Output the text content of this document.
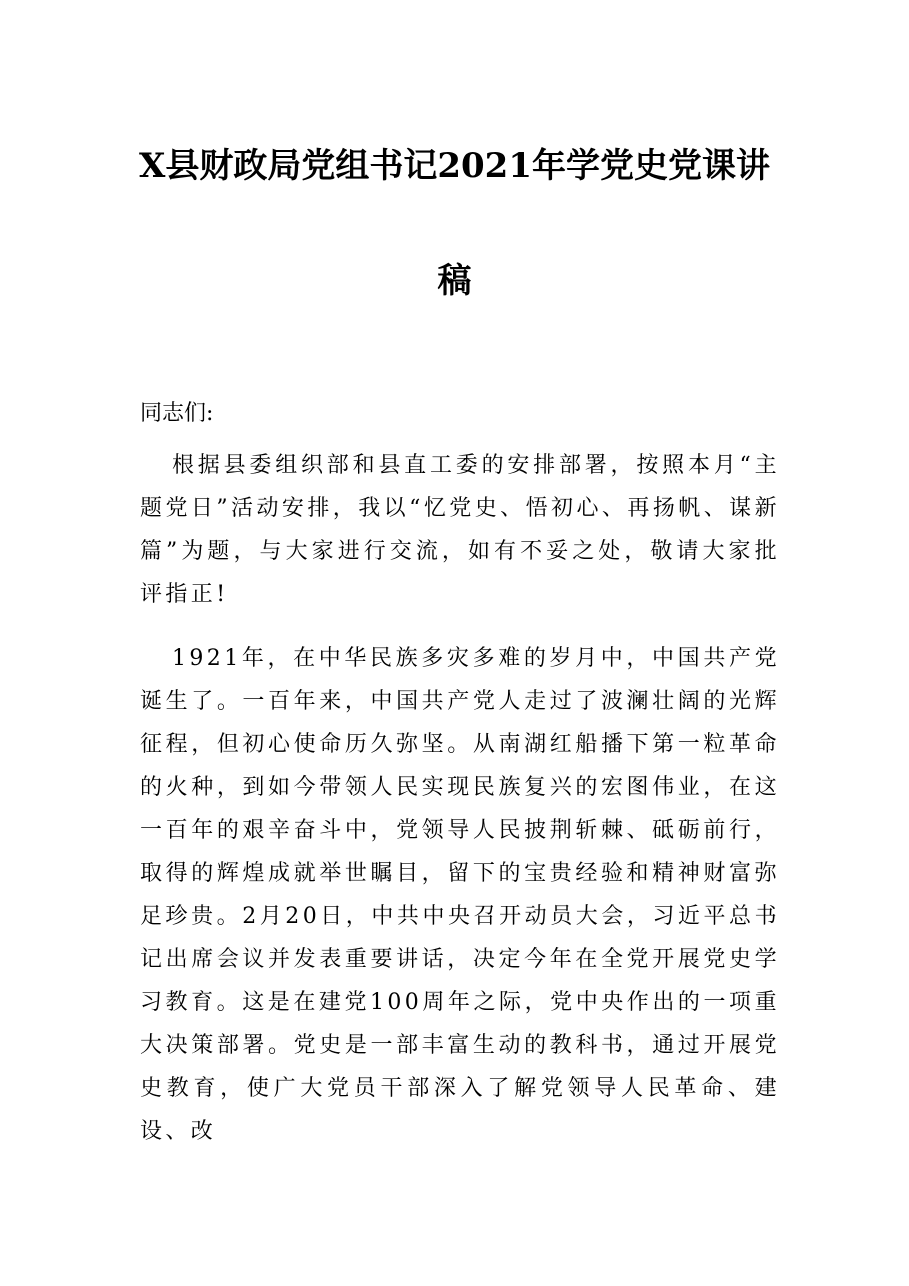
X县财政局党组书记2021年学党史党课讲
稿
同志们:
根据县委组织部和县直工委的安排部署，按照本月“主题党日”活动安排，我以“忆党史、悟初心、再扬帆、谋新篇”为题，与大家进行交流，如有不妥之处，敬请大家批评指正!
1921年，在中华民族多灾多难的岁月中，中国共产党诞生了。一百年来，中国共产党人走过了波澜壮阔的光辉征程，但初心使命历久弥坚。从南湖红船播下第一粒革命的火种，到如今带领人民实现民族复兴的宏图伟业，在这一百年的艰辛奋斗中，党领导人民披荆斩棘、砥砺前行，取得的辉煌成就举世瞩目，留下的宝贵经验和精神财富弥足珍贵。2月20日，中共中央召开动员大会，习近平总书记出席会议并发表重要讲话，决定今年在全党开展党史学习教育。这是在建党100周年之际，党中央作出的一项重大决策部署。党史是一部丰富生动的教科书，通过开展党史教育，使广大党员干部深入了解党领导人民革命、建设、改
